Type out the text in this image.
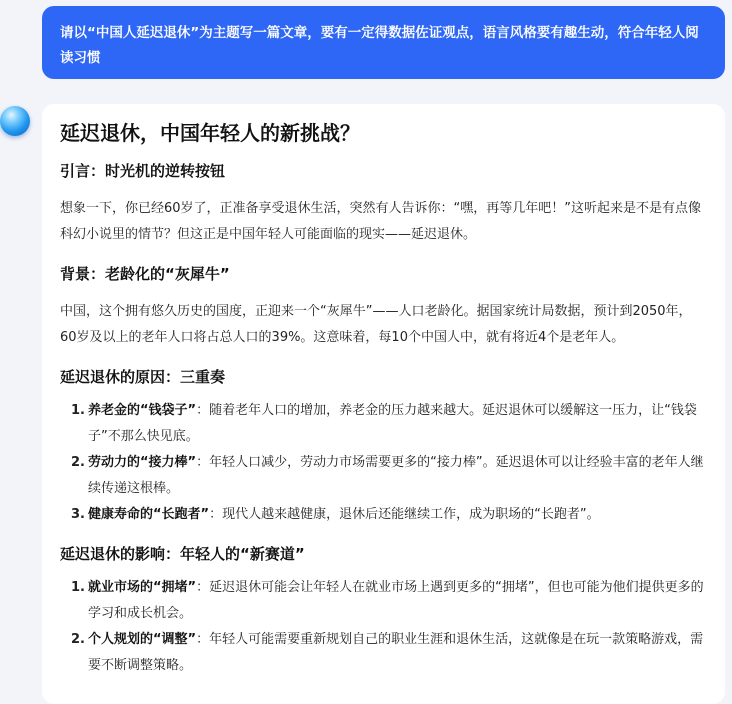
请以“中国人延迟退休”为主题写一篇文章，要有一定得数据佐证观点，语言风格要有趣生动，符合年轻人阅读习惯
延迟退休，中国年轻人的新挑战？
引言：时光机的逆转按钮

想象一下，你已经60岁了，正准备享受退休生活，突然有人告诉你：“嘿，再等几年吧！”这听起来是不是有点像科幻小说里的情节？但这正是中国年轻人可能面临的现实——延迟退休。

背景：老龄化的“灰犀牛”

中国，这个拥有悠久历史的国度，正迎来一个“灰犀牛”——人口老龄化。据国家统计局数据，预计到2050年，60岁及以上的老年人口将占总人口的39%。这意味着，每10个中国人中，就有将近4个是老年人。

延迟退休的原因：三重奏
1. 养老金的“钱袋子”：随着老年人口的增加，养老金的压力越来越大。延迟退休可以缓解这一压力，让“钱袋子”不那么快见底。
2. 劳动力的“接力棒”：年轻人口减少，劳动力市场需要更多的“接力棒”。延迟退休可以让经验丰富的老年人继续传递这根棒。
3. 健康寿命的“长跑者”：现代人越来越健康，退休后还能继续工作，成为职场的“长跑者”。
延迟退休的影响：年轻人的“新赛道”
1. 就业市场的“拥堵”：延迟退休可能会让年轻人在就业市场上遇到更多的“拥堵”，但也可能为他们提供更多的学习和成长机会。
2. 个人规划的“调整”：年轻人可能需要重新规划自己的职业生涯和退休生活，这就像是在玩一款策略游戏，需要不断调整策略。
